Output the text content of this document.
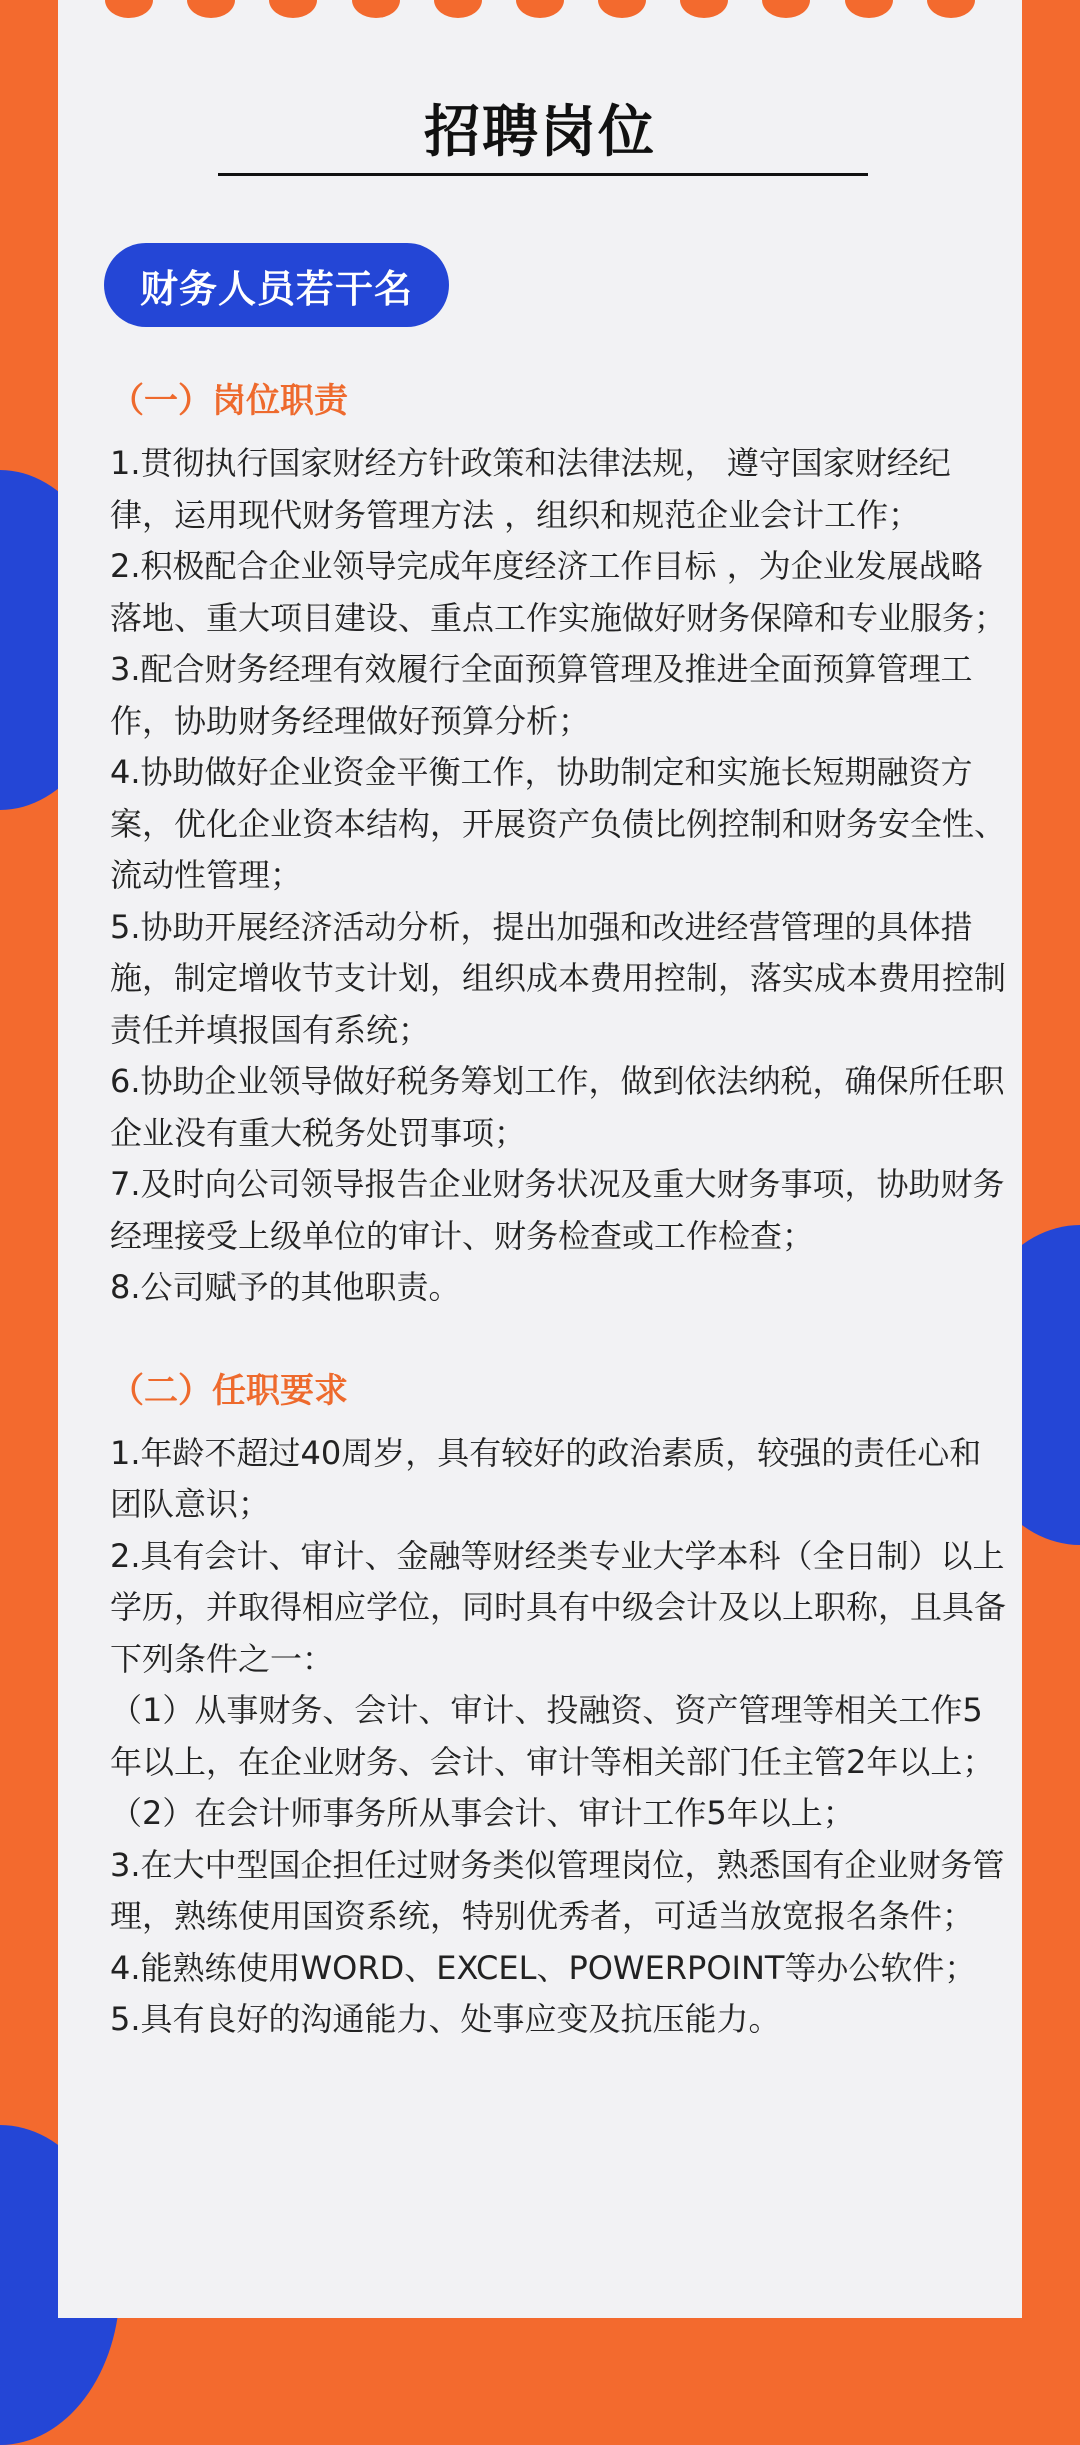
招聘岗位
财务人员若干名
（一）岗位职责
1.贯彻执行国家财经方针政策和法律法规， 遵守国家财经纪律，运用现代财务管理方法 ，组织和规范企业会计工作；
2.积极配合企业领导完成年度经济工作目标 ，为企业发展战略落地、重大项目建设、重点工作实施做好财务保障和专业服务；
3.配合财务经理有效履行全面预算管理及推进全面预算管理工作，协助财务经理做好预算分析；
4.协助做好企业资金平衡工作，协助制定和实施长短期融资方案，优化企业资本结构，开展资产负债比例控制和财务安全性、流动性管理；
5.协助开展经济活动分析，提出加强和改进经营管理的具体措施，制定增收节支计划，组织成本费用控制，落实成本费用控制责任并填报国有系统；
6.协助企业领导做好税务筹划工作，做到依法纳税，确保所任职企业没有重大税务处罚事项；
7.及时向公司领导报告企业财务状况及重大财务事项，协助财务经理接受上级单位的审计、财务检查或工作检查；
8.公司赋予的其他职责。
（二）任职要求
1.年龄不超过40周岁，具有较好的政治素质，较强的责任心和团队意识；
2.具有会计、审计、金融等财经类专业大学本科（全日制）以上学历，并取得相应学位，同时具有中级会计及以上职称，且具备下列条件之一：
（1）从事财务、会计、审计、投融资、资产管理等相关工作5年以上，在企业财务、会计、审计等相关部门任主管2年以上；
（2）在会计师事务所从事会计、审计工作5年以上；
3.在大中型国企担任过财务类似管理岗位，熟悉国有企业财务管理，熟练使用国资系统，特别优秀者，可适当放宽报名条件；
4.能熟练使用WORD、EXCEL、POWERPOINT等办公软件；
5.具有良好的沟通能力、处事应变及抗压能力。
